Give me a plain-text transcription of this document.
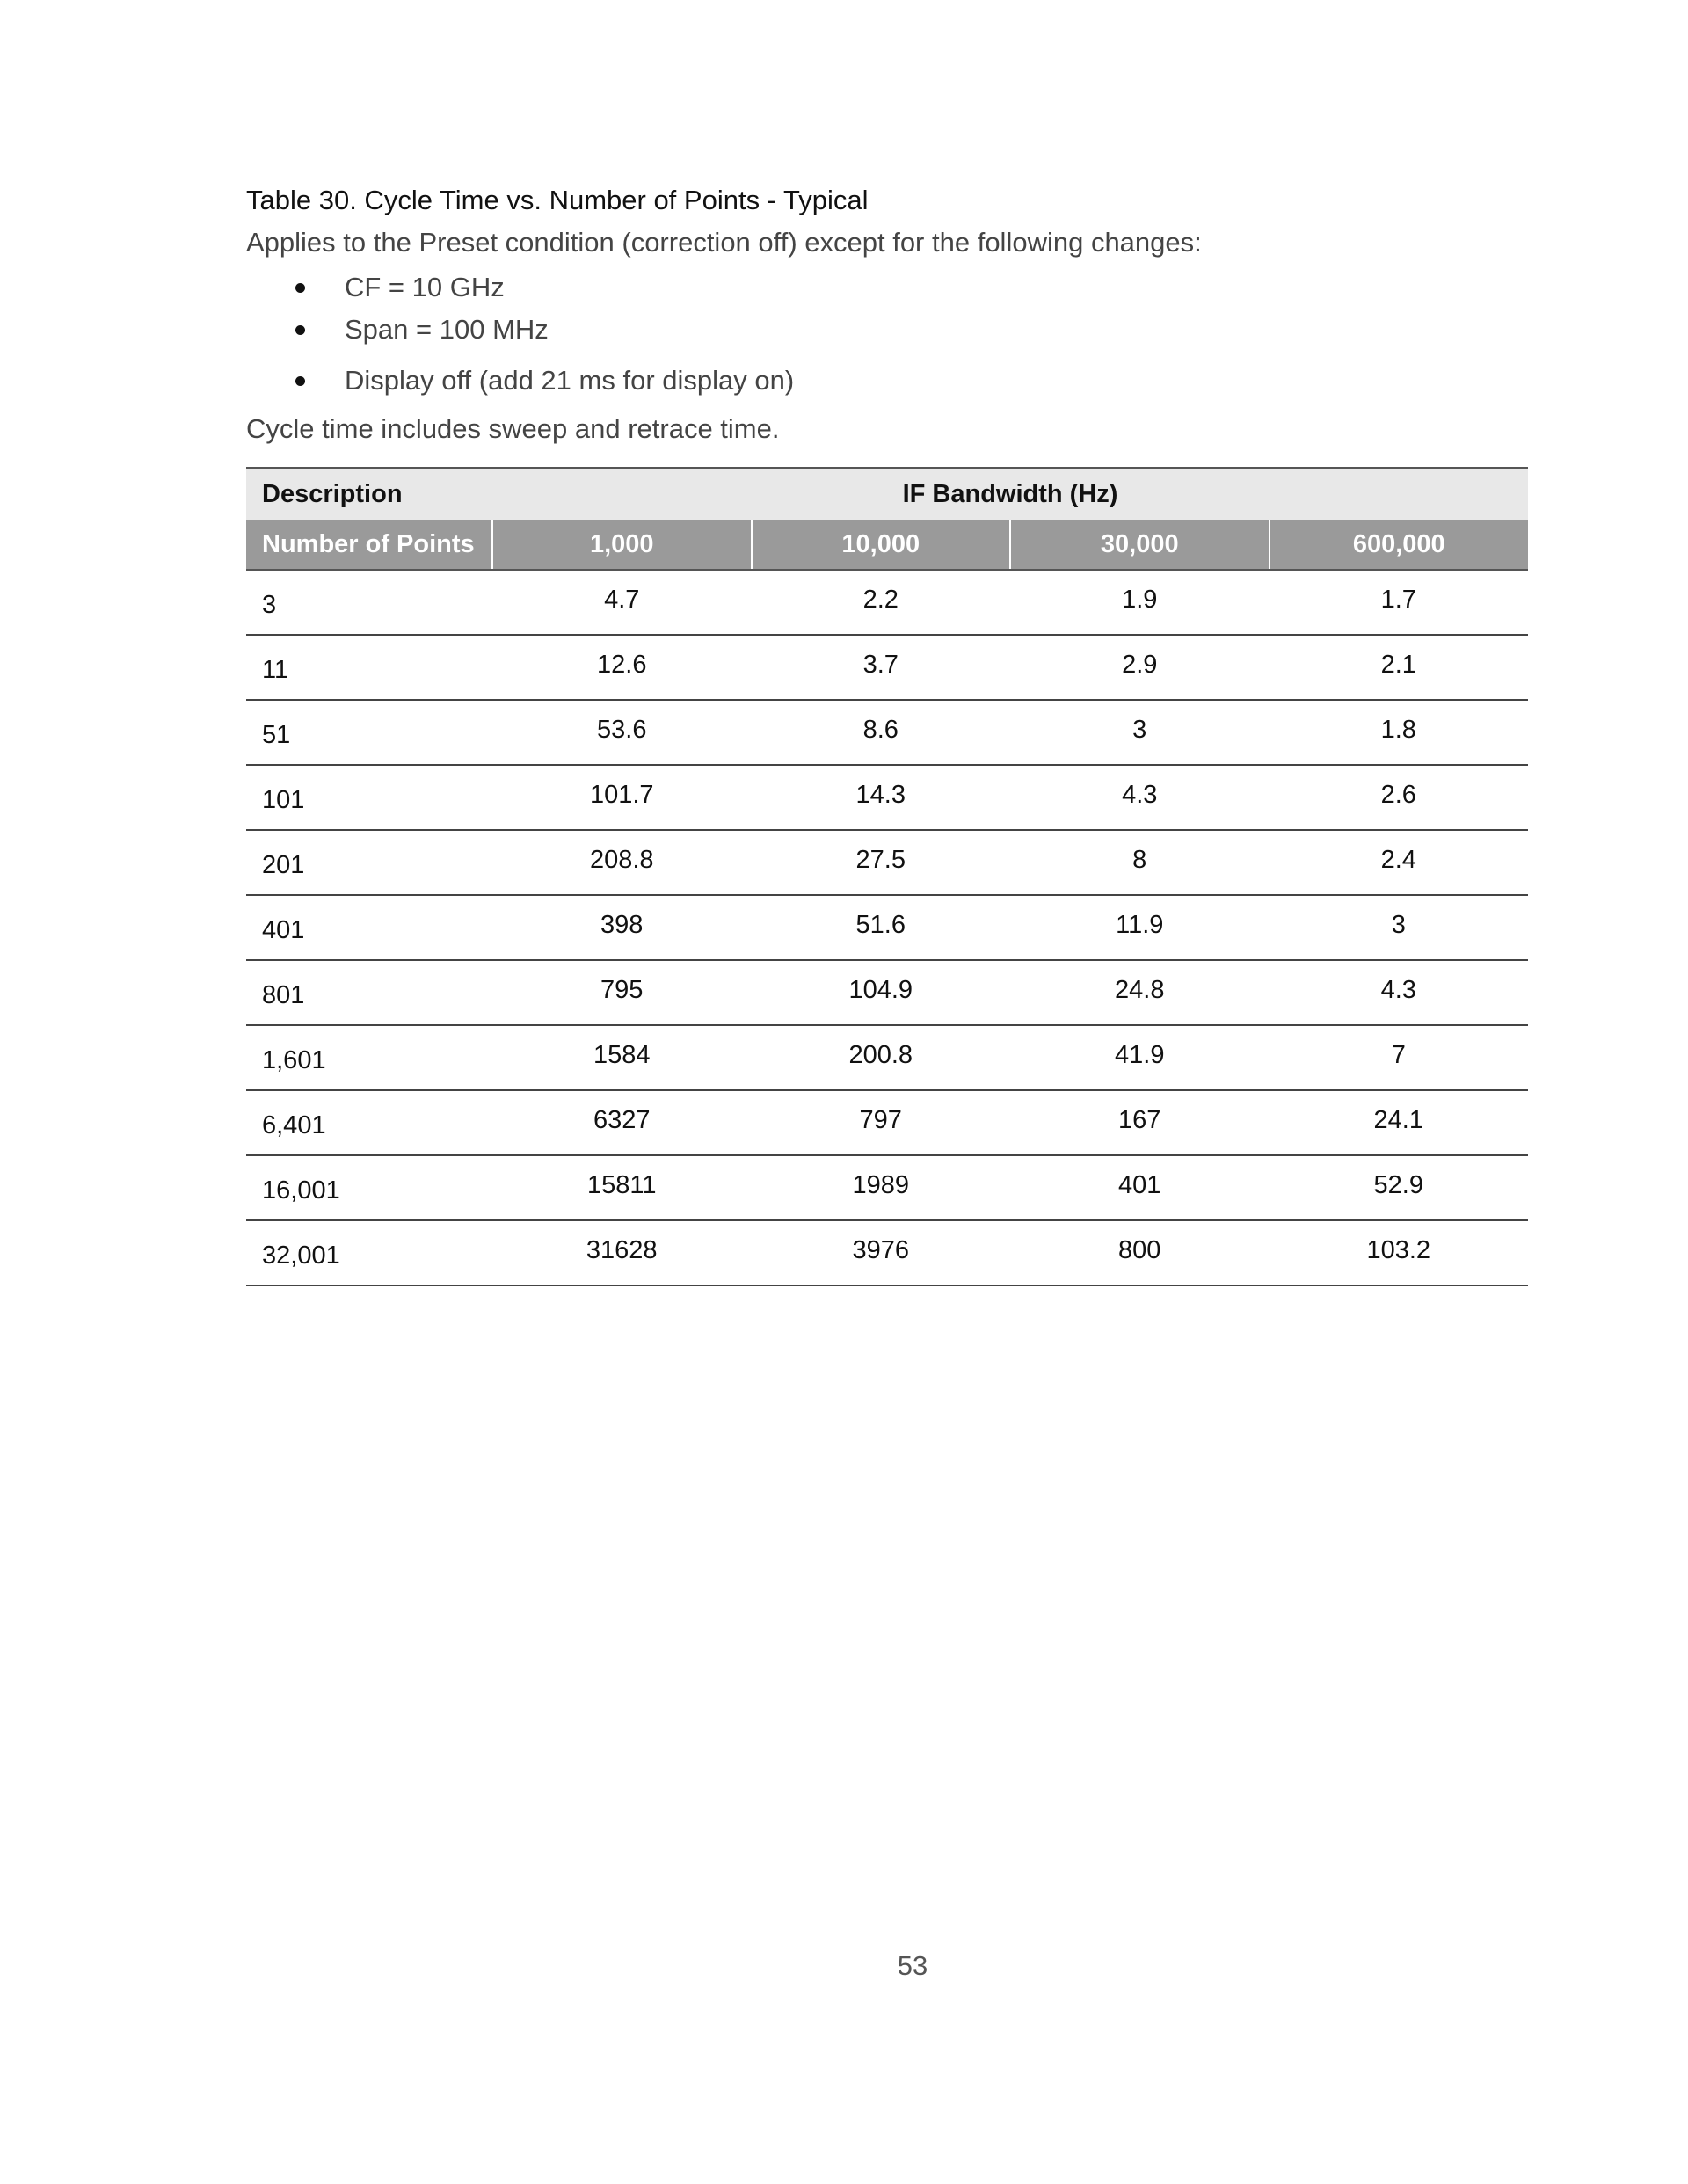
Table 30. Cycle Time vs. Number of Points - Typical

Applies to the Preset condition (correction off) except for the following changes:

CF = 10 GHz
Span = 100 MHz
Display off (add 21 ms for display on)

Cycle time includes sweep and retrace time.

Description	IF Bandwidth (Hz)			
Number of Points	1,000	10,000	30,000	600,000
3	4.7	2.2	1.9	1.7
11	12.6	3.7	2.9	2.1
51	53.6	8.6	3	1.8
101	101.7	14.3	4.3	2.6
201	208.8	27.5	8	2.4
401	398	51.6	11.9	3
801	795	104.9	24.8	4.3
1,601	1584	200.8	41.9	7
6,401	6327	797	167	24.1
16,001	15811	1989	401	52.9
32,001	31628	3976	800	103.2
53
